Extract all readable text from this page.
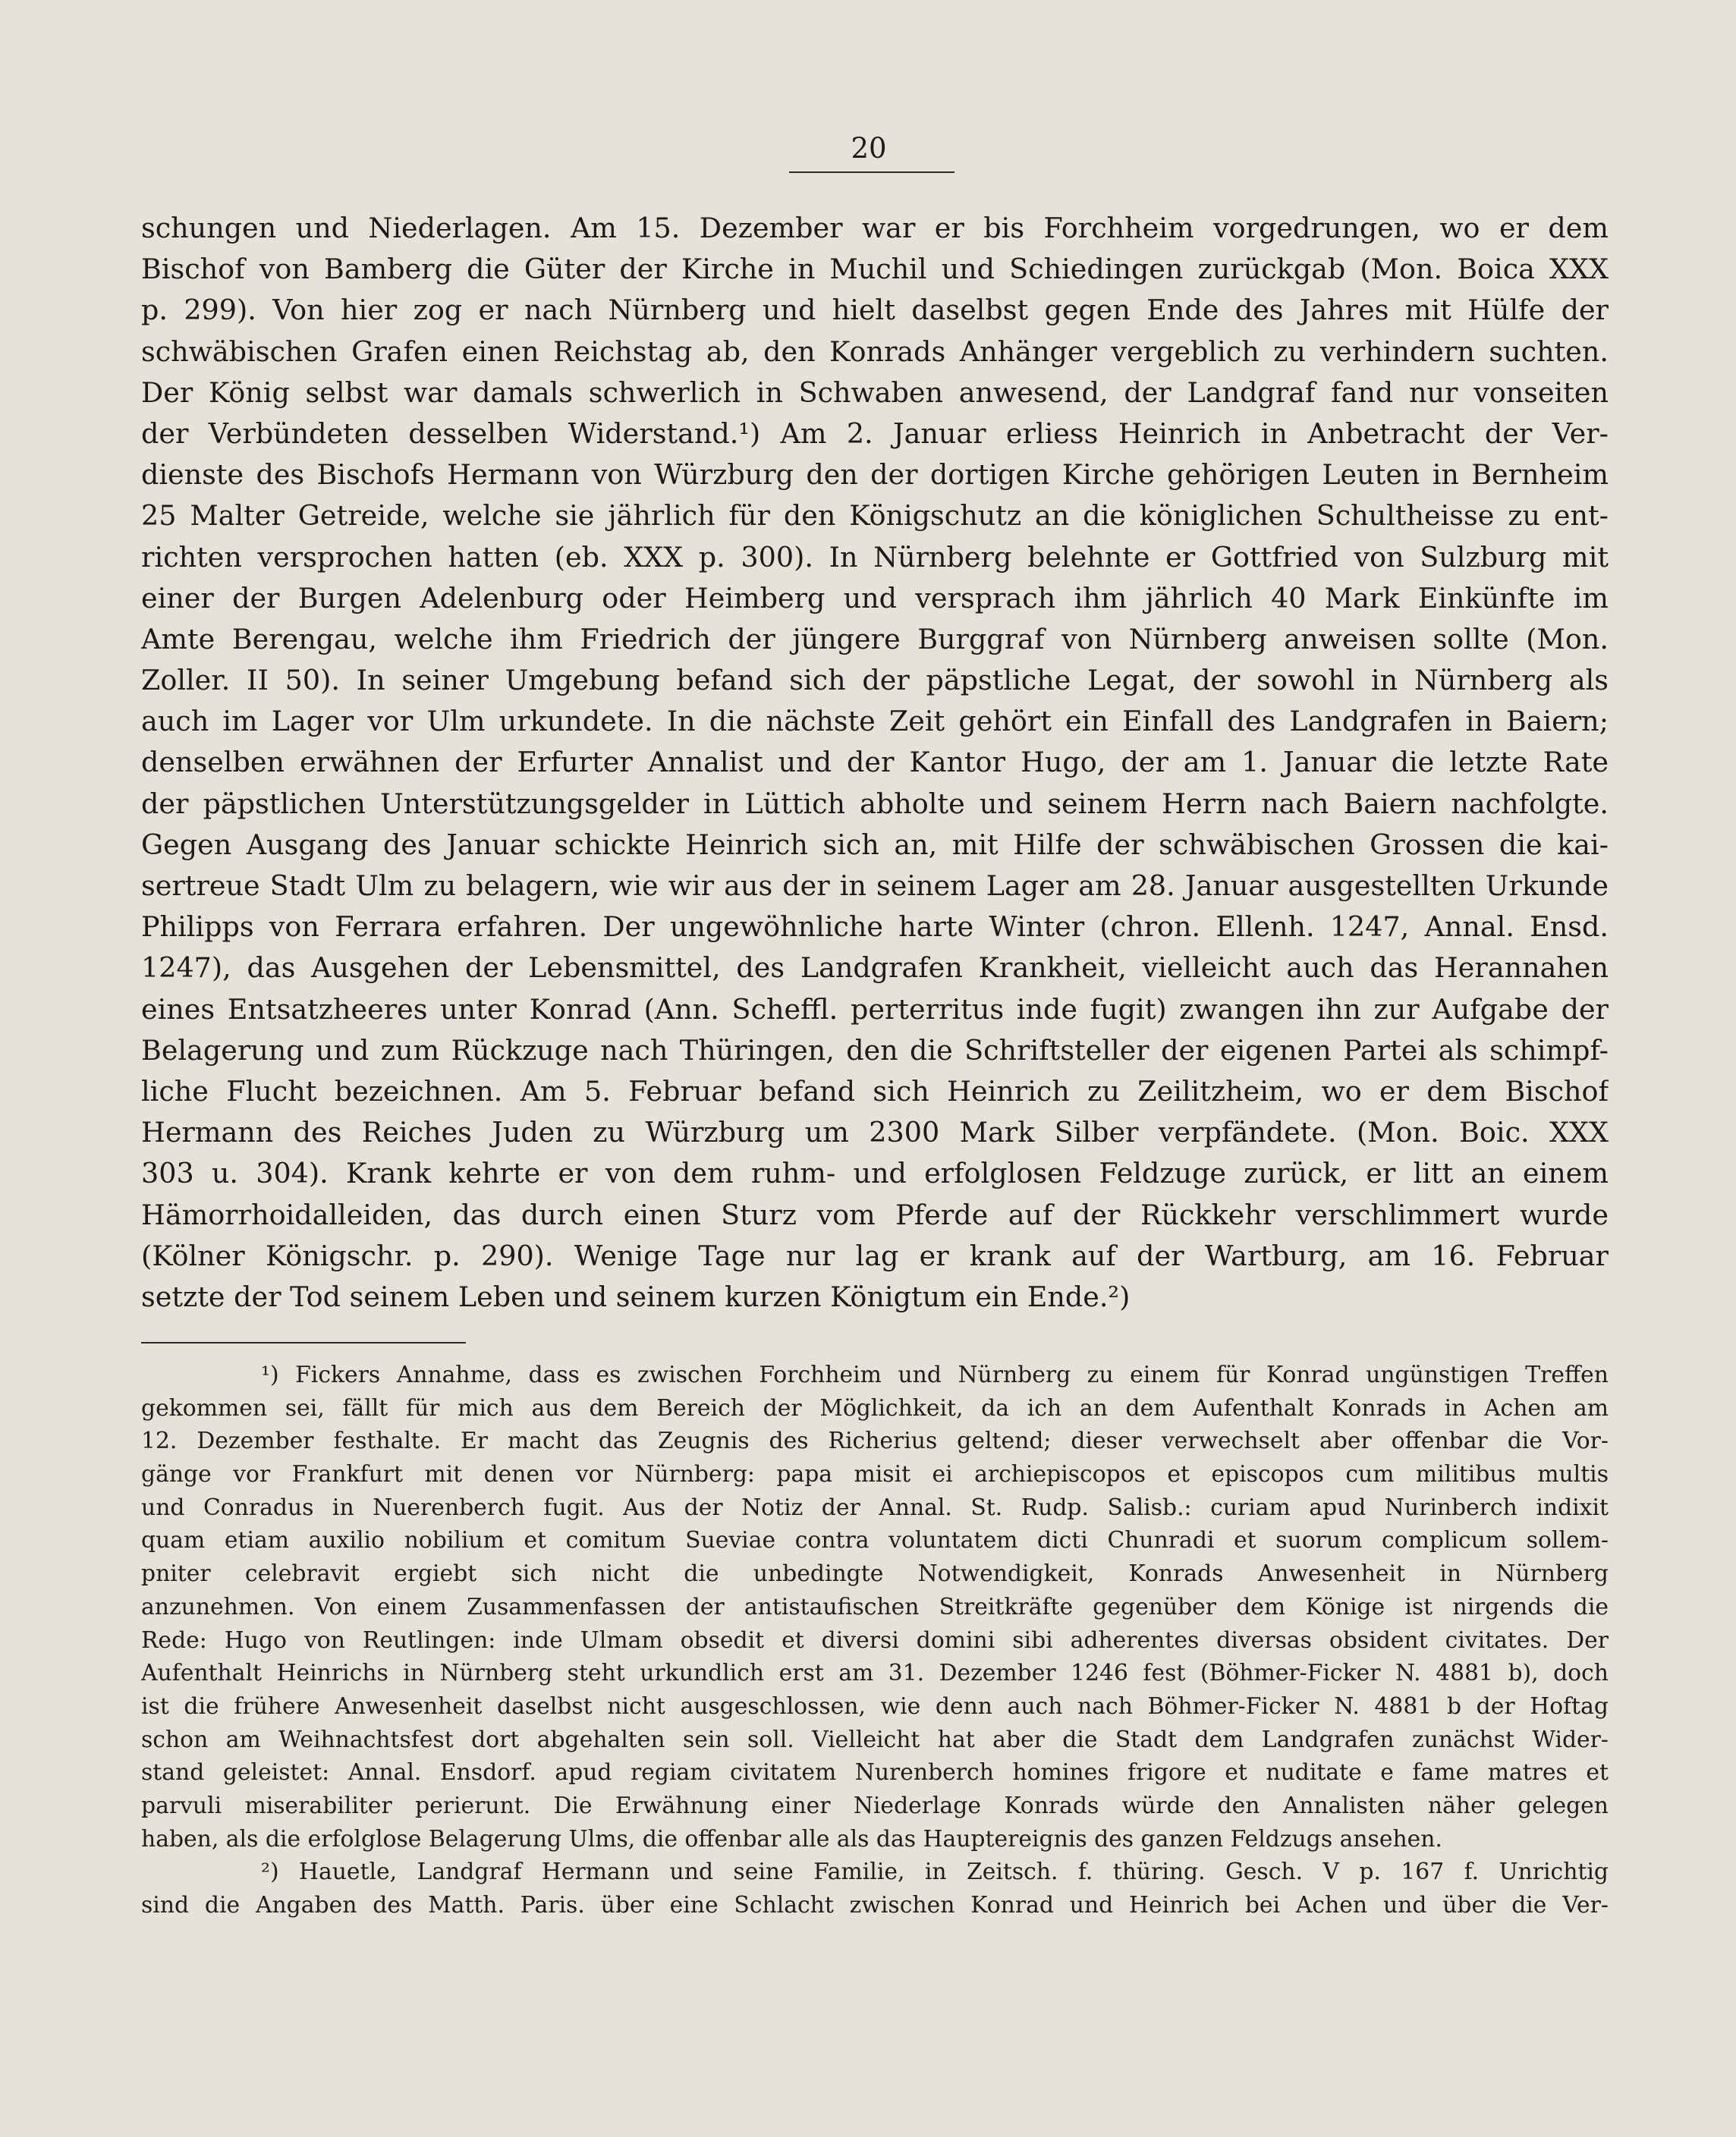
20
schungen und Niederlagen. Am 15. Dezember war er bis Forchheim vorgedrungen, wo er dem
Bischof von Bamberg die Güter der Kirche in Muchil und Schiedingen zurückgab (Mon. Boica XXX
p. 299). Von hier zog er nach Nürnberg und hielt daselbst gegen Ende des Jahres mit Hülfe der
schwäbischen Grafen einen Reichstag ab, den Konrads Anhänger vergeblich zu verhindern suchten.
Der König selbst war damals schwerlich in Schwaben anwesend, der Landgraf fand nur vonseiten
der Verbündeten desselben Widerstand.¹) Am 2. Januar erliess Heinrich in Anbetracht der Ver-
dienste des Bischofs Hermann von Würzburg den der dortigen Kirche gehörigen Leuten in Bernheim
25 Malter Getreide, welche sie jährlich für den Königschutz an die königlichen Schultheisse zu ent-
richten versprochen hatten (eb. XXX p. 300). In Nürnberg belehnte er Gottfried von Sulzburg mit
einer der Burgen Adelenburg oder Heimberg und versprach ihm jährlich 40 Mark Einkünfte im
Amte Berengau, welche ihm Friedrich der jüngere Burggraf von Nürnberg anweisen sollte (Mon.
Zoller. II 50). In seiner Umgebung befand sich der päpstliche Legat, der sowohl in Nürnberg als
auch im Lager vor Ulm urkundete. In die nächste Zeit gehört ein Einfall des Landgrafen in Baiern;
denselben erwähnen der Erfurter Annalist und der Kantor Hugo, der am 1. Januar die letzte Rate
der päpstlichen Unterstützungsgelder in Lüttich abholte und seinem Herrn nach Baiern nachfolgte.
Gegen Ausgang des Januar schickte Heinrich sich an, mit Hilfe der schwäbischen Grossen die kai-
sertreue Stadt Ulm zu belagern, wie wir aus der in seinem Lager am 28. Januar ausgestellten Urkunde
Philipps von Ferrara erfahren. Der ungewöhnliche harte Winter (chron. Ellenh. 1247, Annal. Ensd.
1247), das Ausgehen der Lebensmittel, des Landgrafen Krankheit, vielleicht auch das Herannahen
eines Entsatzheeres unter Konrad (Ann. Scheffl. perterritus inde fugit) zwangen ihn zur Aufgabe der
Belagerung und zum Rückzuge nach Thüringen, den die Schriftsteller der eigenen Partei als schimpf-
liche Flucht bezeichnen. Am 5. Februar befand sich Heinrich zu Zeilitzheim, wo er dem Bischof
Hermann des Reiches Juden zu Würzburg um 2300 Mark Silber verpfändete. (Mon. Boic. XXX
303 u. 304). Krank kehrte er von dem ruhm- und erfolglosen Feldzuge zurück, er litt an einem
Hämorrhoidalleiden, das durch einen Sturz vom Pferde auf der Rückkehr verschlimmert wurde
(Kölner Königschr. p. 290). Wenige Tage nur lag er krank auf der Wartburg, am 16. Februar
setzte der Tod seinem Leben und seinem kurzen Königtum ein Ende.²)
¹) Fickers Annahme, dass es zwischen Forchheim und Nürnberg zu einem für Konrad ungünstigen Treffen
gekommen sei, fällt für mich aus dem Bereich der Möglichkeit, da ich an dem Aufenthalt Konrads in Achen am
12. Dezember festhalte. Er macht das Zeugnis des Richerius geltend; dieser verwechselt aber offenbar die Vor-
gänge vor Frankfurt mit denen vor Nürnberg: papa misit ei archiepiscopos et episcopos cum militibus multis
und Conradus in Nuerenberch fugit. Aus der Notiz der Annal. St. Rudp. Salisb.: curiam apud Nurinberch indixit
quam etiam auxilio nobilium et comitum Sueviae contra voluntatem dicti Chunradi et suorum complicum sollem-
pniter celebravit ergiebt sich nicht die unbedingte Notwendigkeit, Konrads Anwesenheit in Nürnberg
anzunehmen. Von einem Zusammenfassen der antistaufischen Streitkräfte gegenüber dem Könige ist nirgends die
Rede: Hugo von Reutlingen: inde Ulmam obsedit et diversi domini sibi adherentes diversas obsident civitates. Der
Aufenthalt Heinrichs in Nürnberg steht urkundlich erst am 31. Dezember 1246 fest (Böhmer-Ficker N. 4881 b), doch
ist die frühere Anwesenheit daselbst nicht ausgeschlossen, wie denn auch nach Böhmer-Ficker N. 4881 b der Hoftag
schon am Weihnachtsfest dort abgehalten sein soll. Vielleicht hat aber die Stadt dem Landgrafen zunächst Wider-
stand geleistet: Annal. Ensdorf. apud regiam civitatem Nurenberch homines frigore et nuditate e fame matres et
parvuli miserabiliter perierunt. Die Erwähnung einer Niederlage Konrads würde den Annalisten näher gelegen
haben, als die erfolglose Belagerung Ulms, die offenbar alle als das Hauptereignis des ganzen Feldzugs ansehen.
²) Hauetle, Landgraf Hermann und seine Familie, in Zeitsch. f. thüring. Gesch. V p. 167 f. Unrichtig
sind die Angaben des Matth. Paris. über eine Schlacht zwischen Konrad und Heinrich bei Achen und über die Ver-
